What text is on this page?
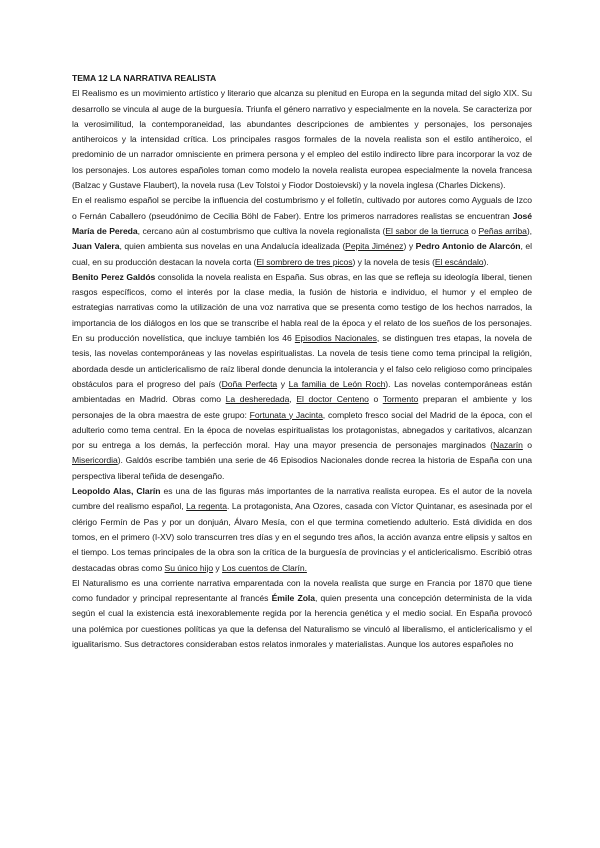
TEMA 12 LA NARRATIVA REALISTA

El Realismo es un movimiento artístico y literario que alcanza su plenitud en Europa en la segunda mitad del siglo XIX. Su desarrollo se vincula al auge de la burguesía. Triunfa el género narrativo y especialmente en la novela. Se caracteriza por la verosimilitud, la contemporaneidad, las abundantes descripciones de ambientes y personajes, los personajes antiheroicos y la intensidad crítica. Los principales rasgos formales de la novela realista son el estilo antiheroico, el predominio de un narrador omnisciente en primera persona y el empleo del estilo indirecto libre para incorporar la voz de los personajes. Los autores españoles toman como modelo la novela realista europea especialmente la novela francesa (Balzac y Gustave Flaubert), la novela rusa (Lev Tolstoi y Fiodor Dostoievski) y la novela inglesa (Charles Dickens).

En el realismo español se percibe la influencia del costumbrismo y el folletín, cultivado por autores como Ayguals de Izco o Fernán Caballero (pseudónimo de Cecilia Böhl de Faber). Entre los primeros narradores realistas se encuentran José María de Pereda, cercano aún al costumbrismo que cultiva la novela regionalista (El sabor de la tierruca o Peñas arriba), Juan Valera, quien ambienta sus novelas en una Andalucía idealizada (Pepita Jiménez) y Pedro Antonio de Alarcón, el cual, en su producción destacan la novela corta (El sombrero de tres picos) y la novela de tesis (El escándalo).

Benito Perez Galdós consolida la novela realista en España. Sus obras, en las que se refleja su ideología liberal, tienen rasgos específicos, como el interés por la clase media, la fusión de historia e individuo, el humor y el empleo de estrategias narrativas como la utilización de una voz narrativa que se presenta como testigo de los hechos narrados, la importancia de los diálogos en los que se transcribe el habla real de la época y el relato de los sueños de los personajes. En su producción novelística, que incluye también los 46 Episodios Nacionales, se distinguen tres etapas, la novela de tesis, las novelas contemporáneas y las novelas espiritualistas. La novela de tesis tiene como tema principal la religión, abordada desde un anticlericalismo de raíz liberal donde denuncia la intolerancia y el falso celo religioso como principales obstáculos para el progreso del país (Doña Perfecta y La familia de León Roch). Las novelas contemporáneas están ambientadas en Madrid. Obras como La desheredada, El doctor Centeno o Tormento preparan el ambiente y los personajes de la obra maestra de este grupo: Fortunata y Jacinta, completo fresco social del Madrid de la época, con el adulterio como tema central. En la época de novelas espiritualistas los protagonistas, abnegados y caritativos, alcanzan por su entrega a los demás, la perfección moral. Hay una mayor presencia de personajes marginados (Nazarín o Misericordia). Galdós escribe también una serie de 46 Episodios Nacionales donde recrea la historia de España con una perspectiva liberal teñida de desengaño.

Leopoldo Alas, Clarín es una de las figuras más importantes de la narrativa realista europea. Es el autor de la novela cumbre del realismo español, La regenta. La protagonista, Ana Ozores, casada con Víctor Quintanar, es asesinada por el clérigo Fermín de Pas y por un donjuán, Álvaro Mesía, con el que termina cometiendo adulterio. Está dividida en dos tomos, en el primero (I-XV) solo transcurren tres días y en el segundo tres años, la acción avanza entre elipsis y saltos en el tiempo. Los temas principales de la obra son la crítica de la burguesía de provincias y el anticlericalismo. Escribió otras destacadas obras como Su único hijo y Los cuentos de Clarín.

El Naturalismo es una corriente narrativa emparentada con la novela realista que surge en Francia por 1870 que tiene como fundador y principal representante al francés Émile Zola, quien presenta una concepción determinista de la vida según el cual la existencia está inexorablemente regida por la herencia genética y el medio social. En España provocó una polémica por cuestiones políticas ya que la defensa del Naturalismo se vinculó al liberalismo, el anticlericalismo y el igualitarismo. Sus detractores consideraban estos relatos inmorales y materialistas. Aunque los autores españoles no
